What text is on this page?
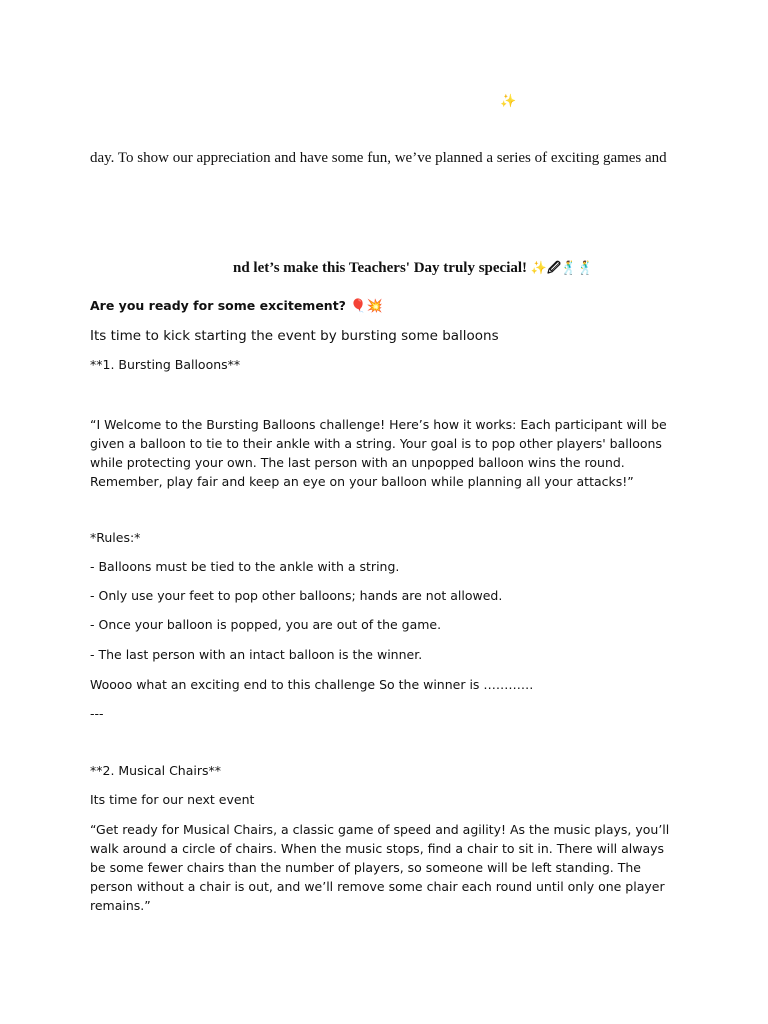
✨
day. To show our appreciation and have some fun, we’ve planned a series of exciting games and
nd let’s make this Teachers' Day truly special! ✨🖉🕺🕺
Are you ready for some excitement? 🎈💥
Its time to kick starting the event by bursting some balloons
**1. Bursting Balloons**
“I Welcome to the Bursting Balloons challenge! Here’s how it works: Each participant will be given a balloon to tie to their ankle with a string. Your goal is to pop other players' balloons while protecting your own. The last person with an unpopped balloon wins the round. Remember, play fair and keep an eye on your balloon while planning all your attacks!”
*Rules:*
- Balloons must be tied to the ankle with a string.
- Only use your feet to pop other balloons; hands are not allowed.
- Once your balloon is popped, you are out of the game.
- The last person with an intact balloon is the winner.
Woooo what an exciting end to this challenge So the winner is …………
---
**2. Musical Chairs**
Its time for our next event
“Get ready for Musical Chairs, a classic game of speed and agility! As the music plays, you’ll walk around a circle of chairs. When the music stops, find a chair to sit in. There will always be some fewer chairs than the number of players, so someone will be left standing. The person without a chair is out, and we’ll remove some chair each round until only one player remains.”
